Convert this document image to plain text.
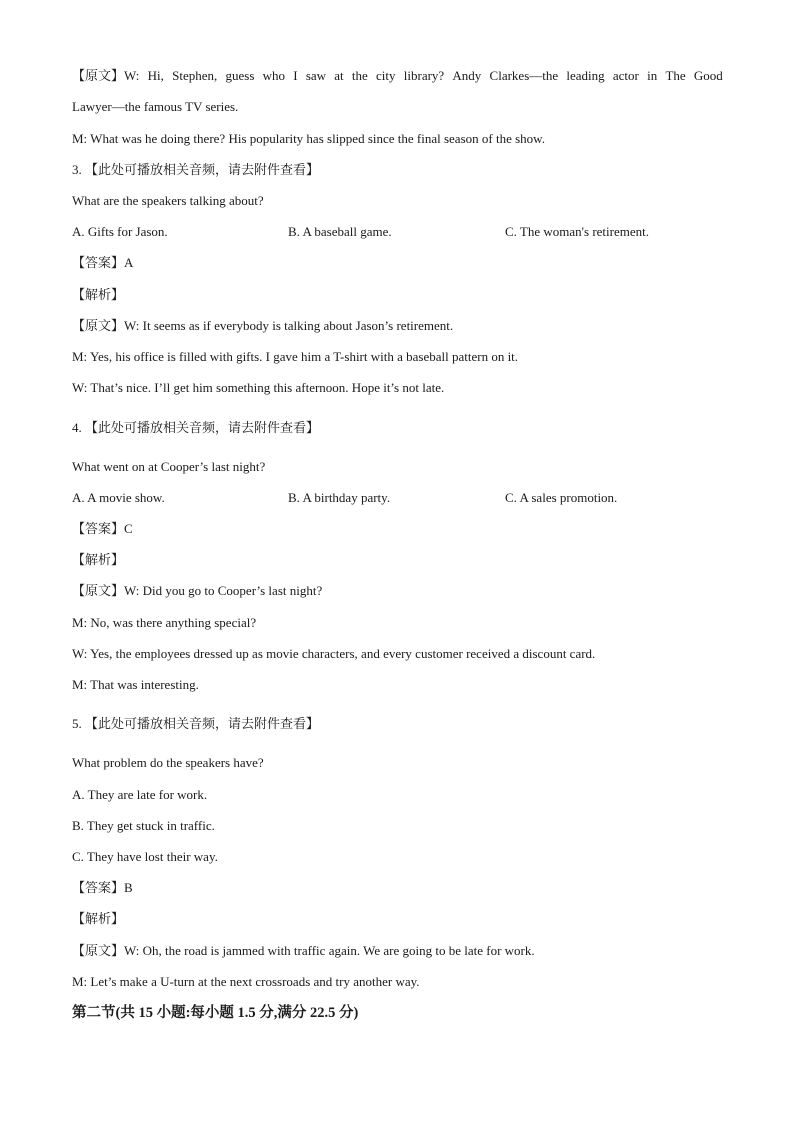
【原文】W: Hi, Stephen, guess who I saw at the city library? Andy Clarkes—the leading actor in The Good
Lawyer—the famous TV series.
M: What was he doing there? His popularity has slipped since the final season of the show.
3. 【此处可播放相关音频，请去附件查看】
What are the speakers talking about?
A. Gifts for Jason.	B. A baseball game.	C. The woman's retirement.
【答案】A
【解析】
【原文】W: It seems as if everybody is talking about Jason’s retirement.
M: Yes, his office is filled with gifts. I gave him a T-shirt with a baseball pattern on it.
W: That’s nice. I’ll get him something this afternoon. Hope it’s not late.
4. 【此处可播放相关音频，请去附件查看】
What went on at Cooper’s last night?
A. A movie show.	B. A birthday party.	C. A sales promotion.
【答案】C
【解析】
【原文】W: Did you go to Cooper’s last night?
M: No, was there anything special?
W: Yes, the employees dressed up as movie characters, and every customer received a discount card.
M: That was interesting.
5. 【此处可播放相关音频，请去附件查看】
What problem do the speakers have?
A. They are late for work.
B. They get stuck in traffic.
C. They have lost their way.
【答案】B
【解析】
【原文】W: Oh, the road is jammed with traffic again. We are going to be late for work.
M: Let’s make a U-turn at the next crossroads and try another way.
第二节(共 15 小题:每小题 1.5 分,满分 22.5 分)
